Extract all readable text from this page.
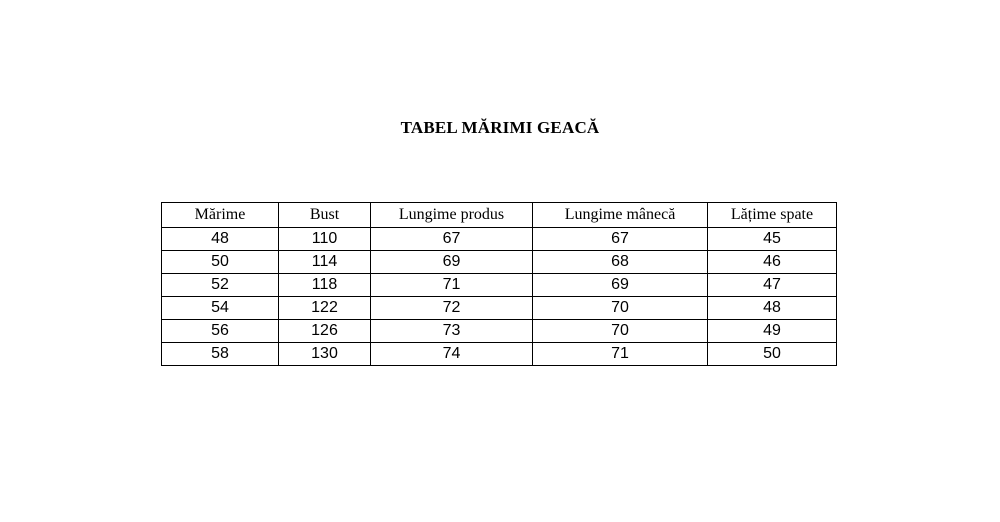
TABEL MĂRIMI GEACĂ
Mărime	Bust	Lungime produs	Lungime mânecă	Lățime spate
48	110	67	67	45
50	114	69	68	46
52	118	71	69	47
54	122	72	70	48
56	126	73	70	49
58	130	74	71	50
